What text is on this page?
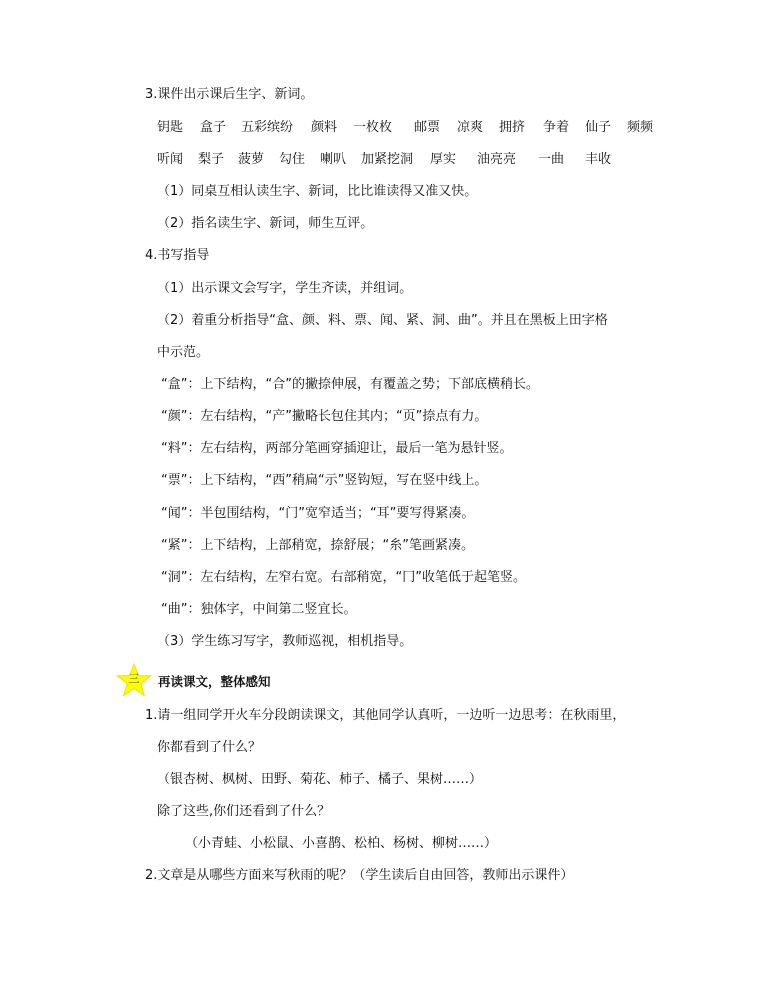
3.课件出示课后生字、新词。
钥匙 盒子 五彩缤纷 颜料 一枚枚 邮票 凉爽 拥挤 争着 仙子 频频
听闻 梨子 菠萝 勾住 喇叭 加紧挖洞 厚实 油亮亮 一曲 丰收
（1）同桌互相认读生字、新词，比比谁读得又准又快。
（2）指名读生字、新词，师生互评。
4.书写指导
（1）出示课文会写字，学生齐读，并组词。
（2）着重分析指导“盒、颜、料、票、闻、紧、洞、曲”。并且在黑板上田字格
中示范。
“盒”：上下结构，“合”的撇捺伸展，有覆盖之势；下部底横稍长。
“颜”：左右结构，“产”撇略长包住其内；“页”捺点有力。
“料”：左右结构，两部分笔画穿插迎让，最后一笔为悬针竖。
“票”：上下结构，“西”稍扁“示”竖钩短，写在竖中线上。
“闻”：半包围结构，“门”宽窄适当；“耳”要写得紧凑。
“紧”：上下结构，上部稍宽，捺舒展；“糸”笔画紧凑。
“洞”：左右结构，左窄右宽。右部稍宽，“冂”收笔低于起笔竖。
“曲”：独体字，中间第二竖宜长。
（3）学生练习写字，教师巡视，相机指导。
三	再读课文，整体感知
1.请一组同学开火车分段朗读课文，其他同学认真听，一边听一边思考：在秋雨里，
你都看到了什么？
（银杏树、枫树、田野、菊花、柿子、橘子、果树……）
除了这些,你们还看到了什么？
（小青蛙、小松鼠、小喜鹊、松柏、杨树、柳树……）
2.文章是从哪些方面来写秋雨的呢？（学生读后自由回答，教师出示课件）
